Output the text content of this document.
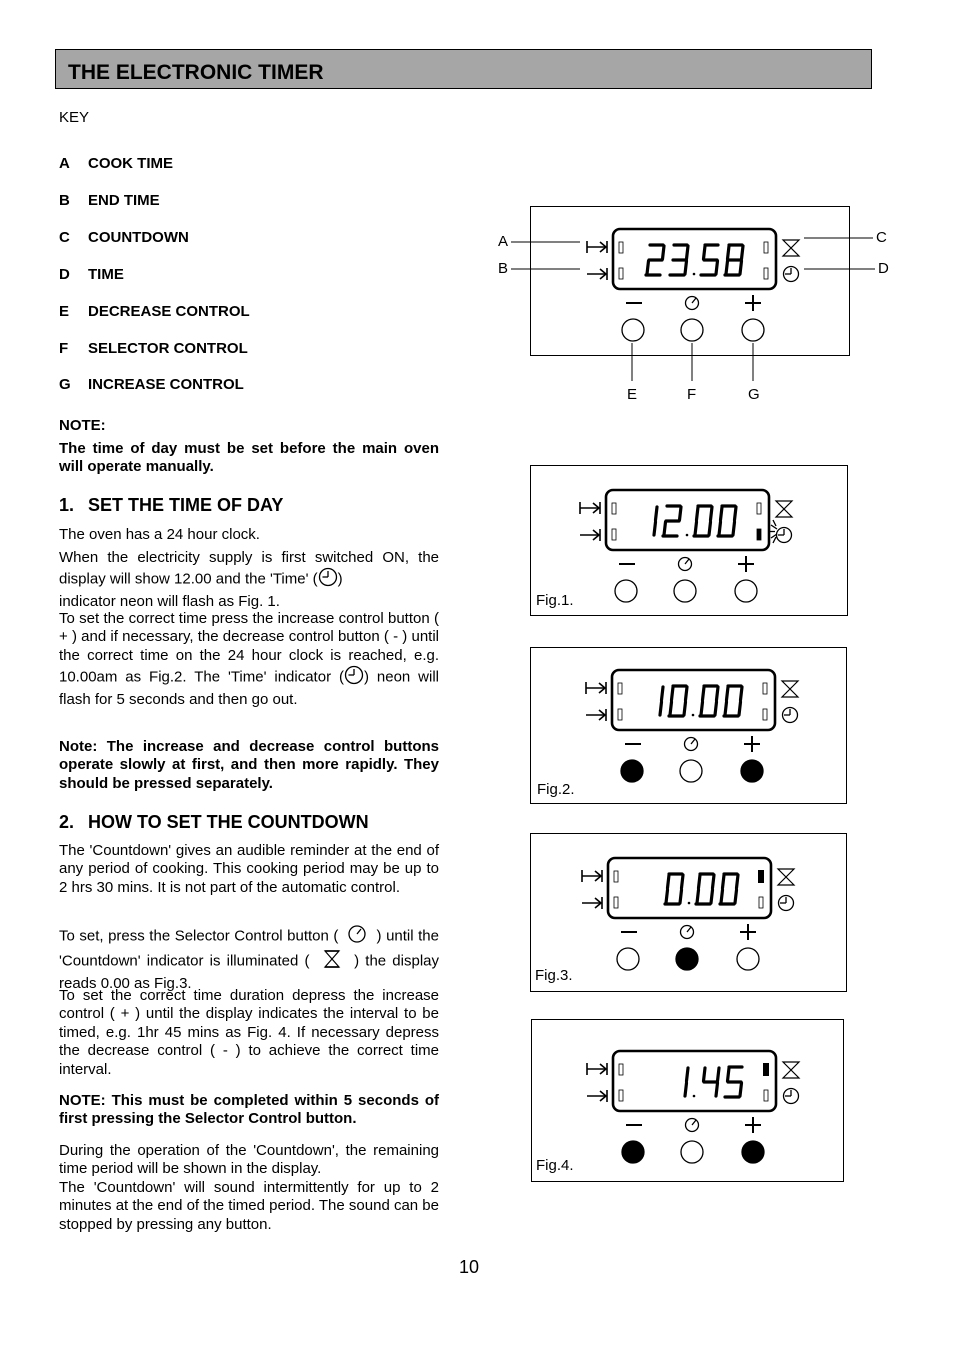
THE ELECTRONIC TIMER
KEY
A COOK TIME
B END TIME
C COUNTDOWN
D TIME
E DECREASE CONTROL
F SELECTOR CONTROL
G INCREASE CONTROL
NOTE:
The time of day must be set before the main oven will operate manually.
1. SET THE TIME OF DAY
The oven has a 24 hour clock.
When the electricity supply is first switched ON, the display will show 12.00 and the 'Time' ( )
indicator neon will flash as Fig. 1.
To set the correct time press the increase control button ( + ) and if necessary, the decrease control button ( - ) until the correct time on the 24 hour clock is reached, e.g. 10.00am as Fig.2. The 'Time' indicator ( ) neon will flash for 5 seconds and then go out.
Note: The increase and decrease control buttons operate slowly at first, and then more rapidly. They should be pressed separately.
2. HOW TO SET THE COUNTDOWN
The 'Countdown' gives an audible reminder at the end of any period of cooking. This cooking period may be up to 2 hrs 30 mins. It is not part of the automatic control.
To set, press the Selector Control button (	) until the 'Countdown' indicator is illuminated (	) the display reads 0.00 as Fig.3.
To set the correct time duration depress the increase control ( + ) until the display indicates the interval to be timed, e.g. 1hr 45 mins as Fig. 4. If necessary depress the decrease control ( - ) to achieve the correct time interval.
NOTE: This must be completed within 5 seconds of first pressing the Selector Control button.
During the operation of the 'Countdown', the remaining time period will be shown in the display.
The 'Countdown' will sound intermittently for up to 2 minutes at the end of the timed period. The sound can be stopped by pressing any button.
A
B
C
D
E	F	G
Fig.1.
Fig.2.
Fig.3.
Fig.4.
10
